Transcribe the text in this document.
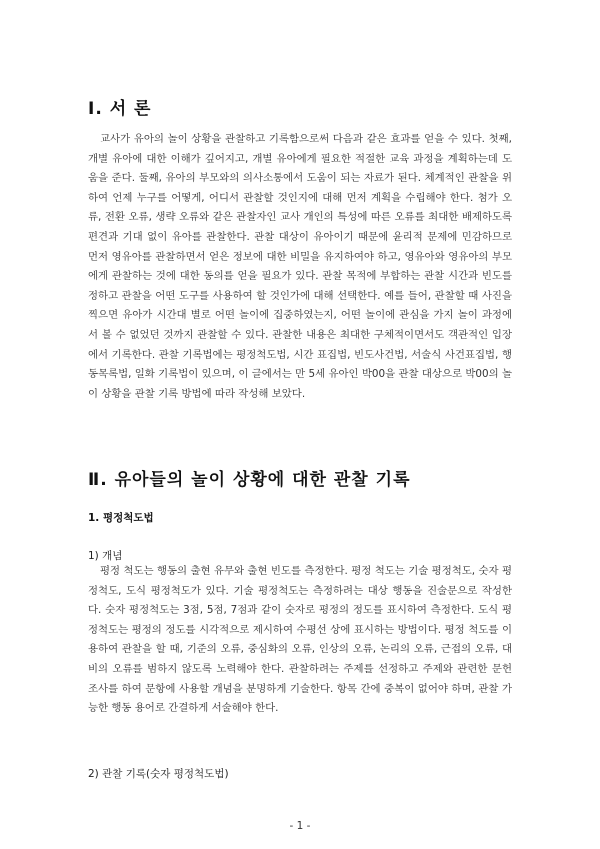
Ⅰ. 서 론

교사가 유아의 놀이 상황을 관찰하고 기록함으로써 다음과 같은 효과를 얻을 수 있다. 첫째, 개별 유아에 대한 이해가 깊어지고, 개별 유아에게 필요한 적절한 교육 과정을 계획하는데 도움을 준다. 둘째, 유아의 부모와의 의사소통에서 도움이 되는 자료가 된다. 체계적인 관찰을 위하여 언제 누구를 어떻게, 어디서 관찰할 것인지에 대해 먼저 계획을 수립해야 한다. 첨가 오류, 전환 오류, 생략 오류와 같은 관찰자인 교사 개인의 특성에 따른 오류를 최대한 배제하도록 편견과 기대 없이 유아를 관찰한다. 관찰 대상이 유아이기 때문에 윤리적 문제에 민감하므로 먼저 영유아를 관찰하면서 얻은 정보에 대한 비밀을 유지하여야 하고, 영유아와 영유아의 부모에게 관찰하는 것에 대한 동의를 얻을 필요가 있다. 관찰 목적에 부합하는 관찰 시간과 빈도를 정하고 관찰을 어떤 도구를 사용하여 할 것인가에 대해 선택한다. 예를 들어, 관찰할 때 사진을 찍으면 유아가 시간대 별로 어떤 놀이에 집중하였는지, 어떤 놀이에 관심을 가지 놀이 과정에서 볼 수 없었던 것까지 관찰할 수 있다. 관찰한 내용은 최대한 구체적이면서도 객관적인 입장에서 기록한다. 관찰 기록법에는 평정척도법, 시간 표집법, 빈도사건법, 서술식 사건표집법, 행동목록법, 일화 기록법이 있으며, 이 글에서는 만 5세 유아인 박00을 관찰 대상으로 박00의 놀이 상황을 관찰 기록 방법에 따라 작성해 보았다.

Ⅱ. 유아들의 놀이 상황에 대한 관찰 기록
1. 평정척도법
1) 개념

평정 척도는 행동의 출현 유무와 출현 빈도를 측정한다. 평정 척도는 기술 평정척도, 숫자 평정척도, 도식 평정척도가 있다. 기술 평정척도는 측정하려는 대상 행동을 진술문으로 작성한다. 숫자 평정척도는 3점, 5점, 7점과 같이 숫자로 평정의 정도를 표시하여 측정한다. 도식 평정척도는 평정의 정도를 시각적으로 제시하여 수평선 상에 표시하는 방법이다. 평정 척도를 이용하여 관찰을 할 때, 기준의 오류, 중심화의 오류, 인상의 오류, 논리의 오류, 근접의 오류, 대비의 오류를 범하지 않도록 노력해야 한다. 관찰하려는 주제를 선정하고 주제와 관련한 문헌 조사를 하여 문항에 사용할 개념을 분명하게 기술한다. 항목 간에 중복이 없어야 하며, 관찰 가능한 행동 용어로 간결하게 서술해야 한다.

2) 관찰 기록(숫자 평정척도법)
- 1 -
